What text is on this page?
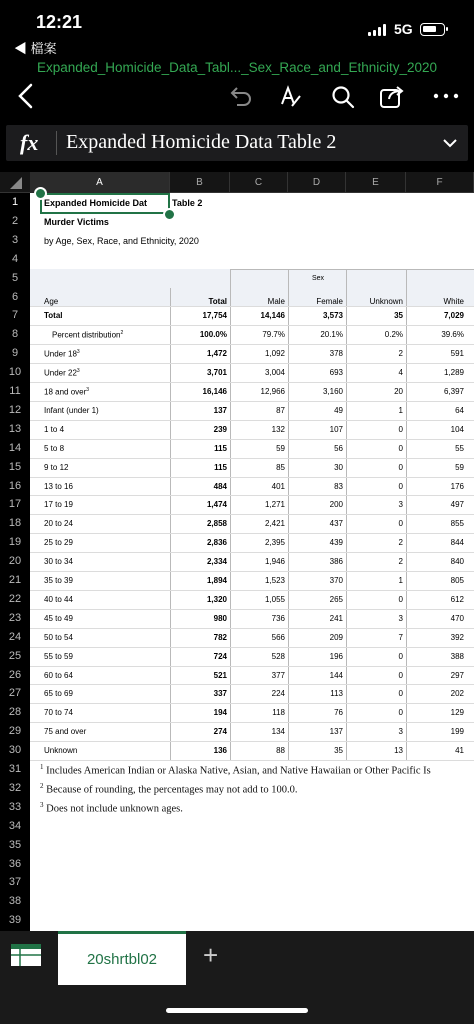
12:21
◀ 檔案
5G
Expanded_Homicide_Data_Tabl..._Sex_Race_and_Ethnicity_2020
fx Expanded Homicide Data Table 2
A	B	C	D	E	F
1
2
3
4
5
6
7
8
9
10
11
12
13
14
15
16
17
18
19
20
21
22
23
24
25
26
27
28
29
30
31
32
33
34
35
36
37
38
39
Expanded Homicide Dat	Table 2
Murder Victims
by Age, Sex, Race, and Ethnicity, 2020
Sex
Age	Total	Male	Female	Unknown	White
Total	17,754	14,146	3,573	35	7,029
Percent distribution$^2$	100.0%	79.7%	20.1%	0.2%	39.6%
Under $18^3$	1,472	1,092	378	2	591
Under $22^3$	3,701	3,004	693	4	1,289
18 and over$^3$	16,146	12,966	3,160	20	6,397
Infant (under 1)	137	87	49	1	64
1 to 4	239	132	107	0	104
5 to 8	115	59	56	0	55
9 to 12	115	85	30	0	59
13 to 16	484	401	83	0	176
17 to 19	1,474	1,271	200	3	497
20 to 24	2,858	2,421	437	0	855
25 to 29	2,836	2,395	439	2	844
30 to 34	2,334	1,946	386	2	840
35 to 39	1,894	1,523	370	1	805
40 to 44	1,320	1,055	265	0	612
45 to 49	980	736	241	3	470
50 to 54	782	566	209	7	392
55 to 59	724	528	196	0	388
60 to 64	521	377	144	0	297
65 to 69	337	224	113	0	202
70 to 74	194	118	76	0	129
75 and over	274	134	137	3	199
Unknown	136	88	35	13	41
$^1$ Includes American Indian or Alaska Native, Asian, and Native Hawaiian or Other Pacific Is
$^2$ Because of rounding, the percentages may not add to 100.0.
$^3$ Does not include unknown ages.
20shrtbl02	+
